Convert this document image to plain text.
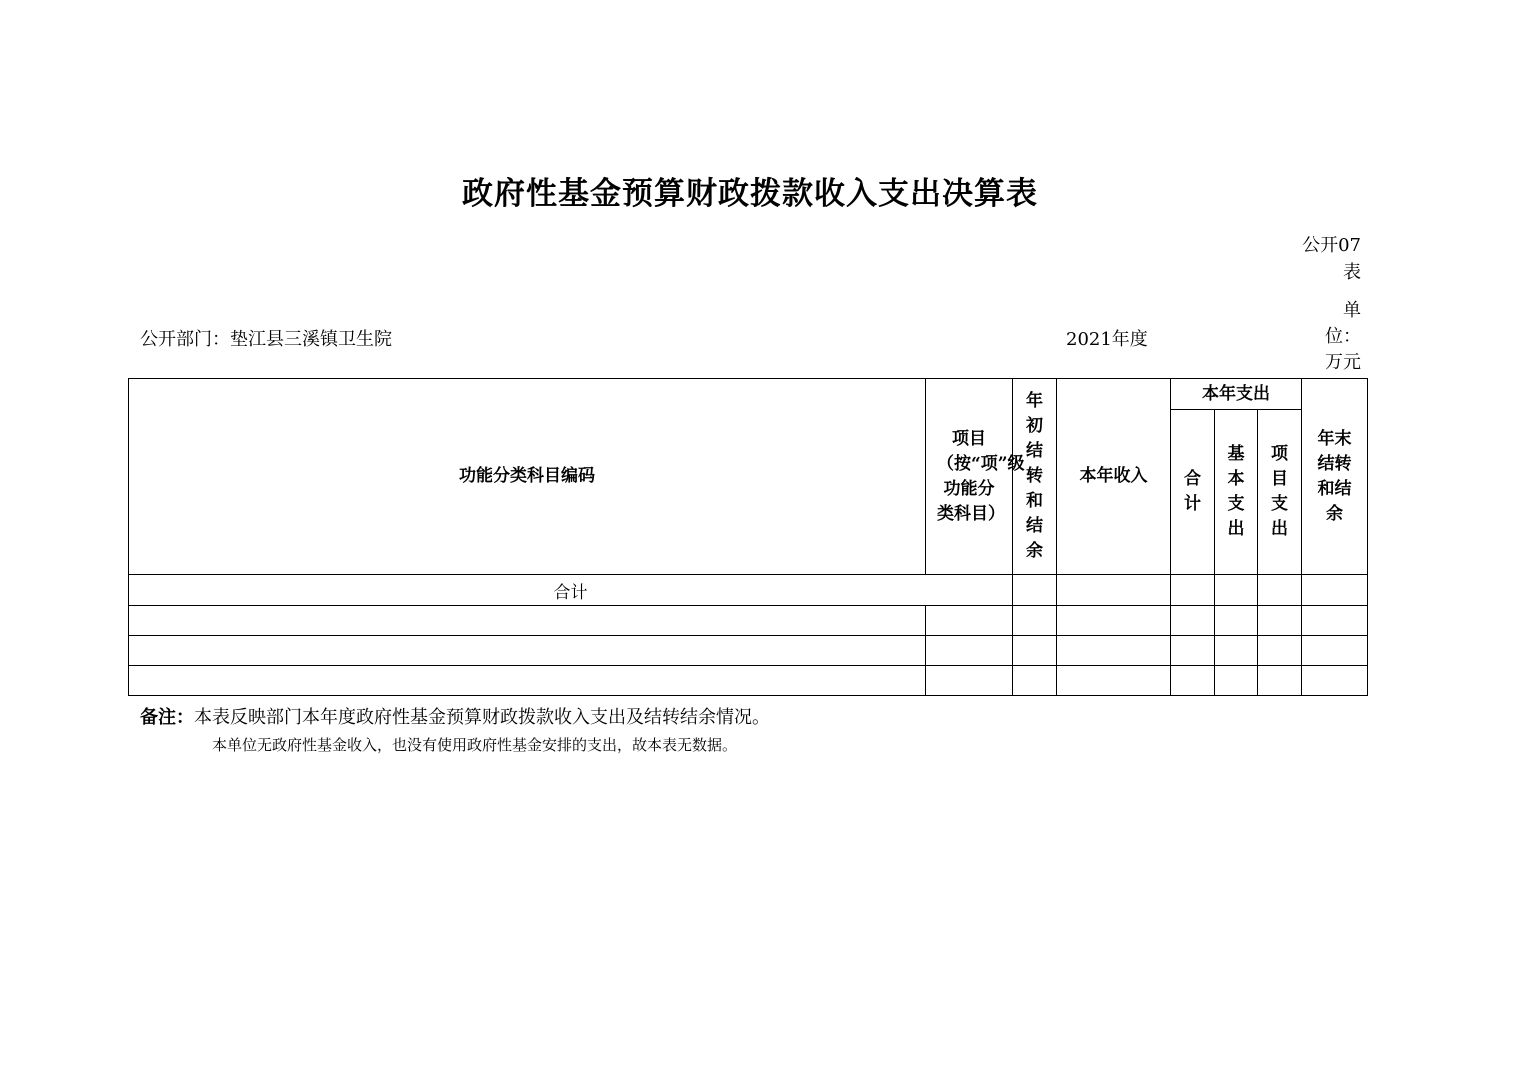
政府性基金预算财政拨款收入支出决算表
公开07表
公开部门：垫江县三溪镇卫生院	2021年度
单位：万元
功能分类科目编码	项目（按“项”级功能分类科目）	年初结转和结余	本年收入	本年支出			年末结转和结余
				合计	基本支出	项目支出	
合计							

备注：本表反映部门本年度政府性基金预算财政拨款收入支出及结转结余情况。
本单位无政府性基金收入，也没有使用政府性基金安排的支出，故本表无数据。
